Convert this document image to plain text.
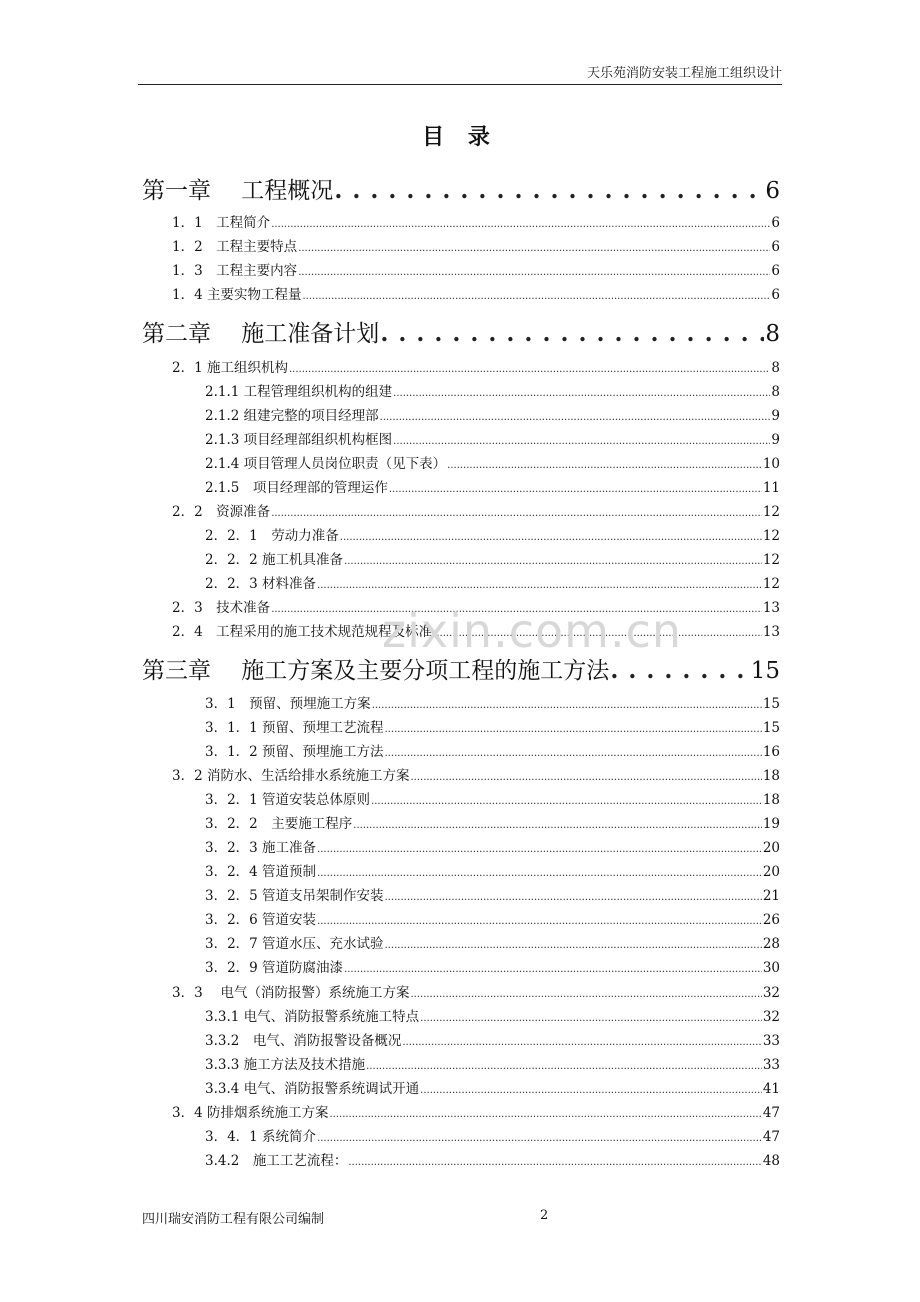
天乐苑消防安装工程施工组织设计
目 录
第一章　 工程概况 . . .	6
1．1　工程简介 .....	6
1．2　工程主要特点 .....	6
1．3　工程主要内容 .....	6
1．4 主要实物工程量 .....	6
第二章　 施工准备计划 . . .	8
2．1 施工组织机构 .....	8
2.1.1 工程管理组织机构的组建 .....	8
2.1.2 组建完整的项目经理部 .....	9
2.1.3 项目经理部组织机构框图 .....	9
2.1.4 项目管理人员岗位职责（见下表） .....	10
2.1.5　项目经理部的管理运作 .....	11
2．2　资源准备 .....	12
2．2．1　劳动力准备 .....	12
2．2．2 施工机具准备 .....	12
2．2．3 材料准备 .....	12
2．3　技术准备 .....	13
2．4　工程采用的施工技术规范规程及标准 .....	13
第三章　 施工方案及主要分项工程的施工方法 . . .	15
3．1　预留、预埋施工方案 .....	15
3．1．1 预留、预埋工艺流程 .....	15
3．1．2 预留、预埋施工方法 .....	16
3．2 消防水、生活给排水系统施工方案 .....	18
3．2．1 管道安装总体原则 .....	18
3．2．2　主要施工程序 .....	19
3．2．3 施工准备 .....	20
3．2．4 管道预制 .....	20
3．2．5 管道支吊架制作安装 .....	21
3．2．6 管道安装 .....	26
3．2．7 管道水压、充水试验 .....	28
3．2．9 管道防腐油漆 .....	30
3．3　 电气（消防报警）系统施工方案 .....	32
3.3.1 电气、消防报警系统施工特点 .....	32
3.3.2　电气、消防报警设备概况 .....	33
3.3.3 施工方法及技术措施 .....	33
3.3.4 电气、消防报警系统调试开通 .....	41
3．4 防排烟系统施工方案 .....	47
3．4．1 系统简介 .....	47
3.4.2　施工工艺流程： .....	48
zixin.com.cn
四川瑞安消防工程有限公司编制	2
